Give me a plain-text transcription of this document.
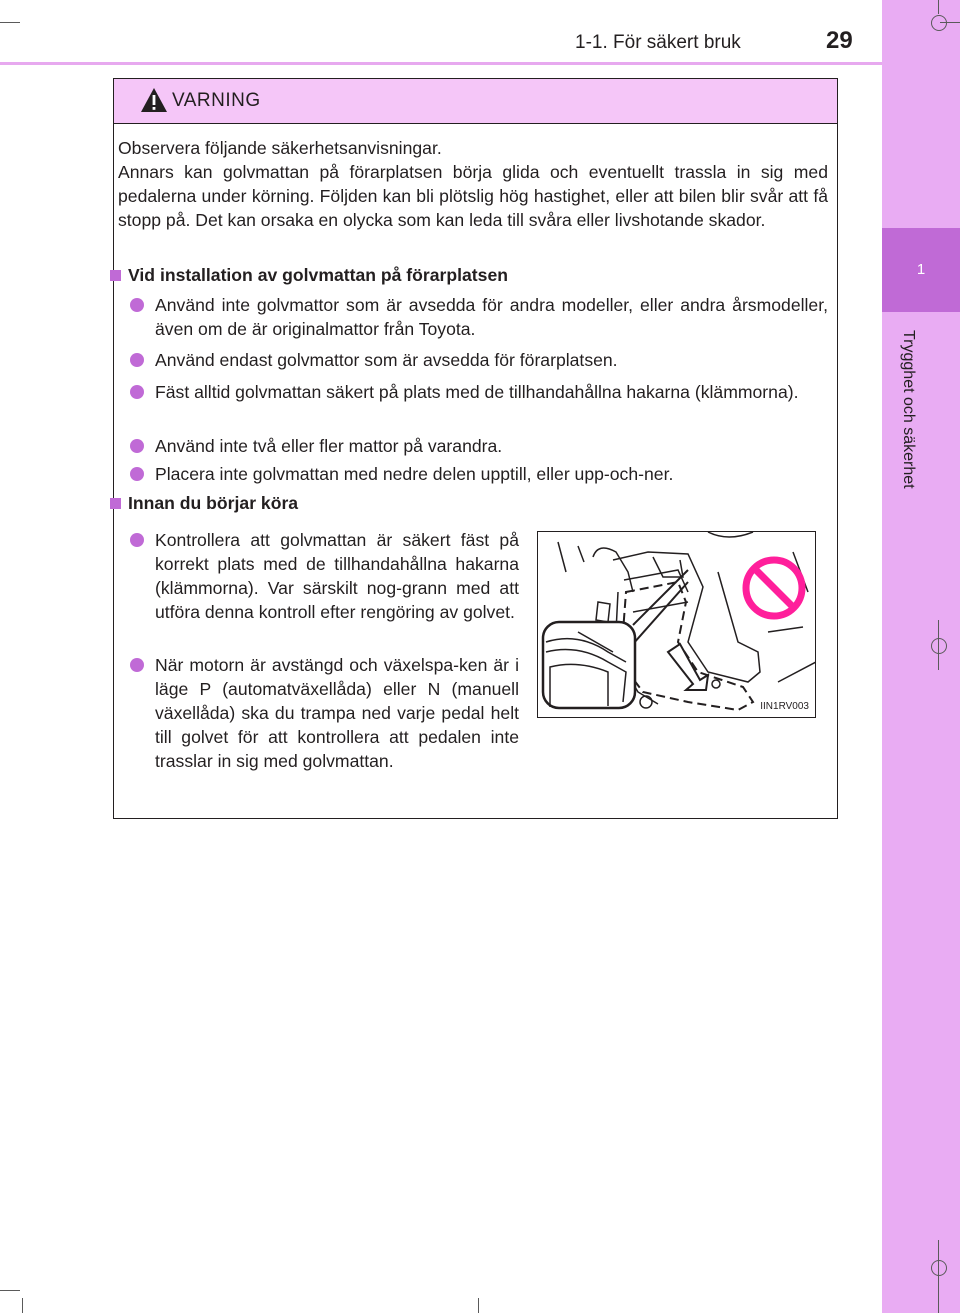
1-1. För säkert bruk	29
1
Trygghet och säkerhet
VARNING
Observera följande säkerhetsanvisningar.
Annars kan golvmattan på förarplatsen börja glida och eventuellt trassla in sig med pedalerna under körning. Följden kan bli plötslig hög hastighet, eller att bilen blir svår att få stopp på. Det kan orsaka en olycka som kan leda till svåra eller livshotande skador.
Vid installation av golvmattan på förarplatsen
Använd inte golvmattor som är avsedda för andra modeller, eller andra årsmodeller, även om de är originalmattor från Toyota.
Använd endast golvmattor som är avsedda för förarplatsen.
Fäst alltid golvmattan säkert på plats med de tillhandahållna hakarna (klämmorna).
Använd inte två eller fler mattor på varandra.
Placera inte golvmattan med nedre delen upptill, eller upp-och-ner.
Innan du börjar köra
Kontrollera att golvmattan är säkert fäst på korrekt plats med de tillhandahållna hakarna (klämmorna). Var särskilt nog-grann med att utföra denna kontroll efter rengöring av golvet.
När motorn är avstängd och växelspa-ken är i läge P (automatväxellåda) eller N (manuell växellåda) ska du trampa ned varje pedal helt till golvet för att kontrollera att pedalen inte trasslar in sig med golvmattan.
IIN1RV003
